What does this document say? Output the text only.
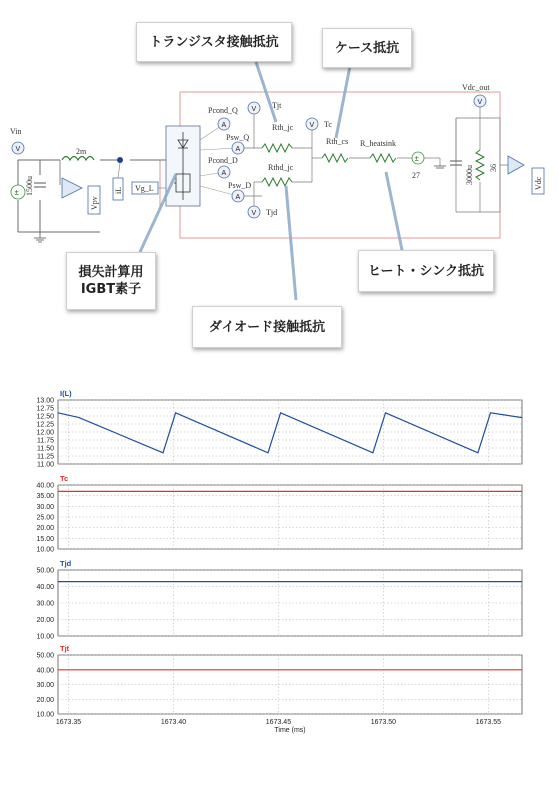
Vin
V
± 1500u
Vpv
2m
iL Vg_L
Pcond_Q
A
V Tjt
Psw_Q
A
Pcond_D
A
Psw_D
A
Rth_jc
Rthd_jc
Rth_cs R_heatsink
V Tc
V Tjd
±
27
Vdc_out
V
3000u 36
Vdc
トランジスタ接触抵抗	ケース抵抗
損失計算用
IGBT素子
ヒート・シンク抵抗
ダイオード接触抵抗
I(L)
13.00
12.75
12.50
12.25
12.00
11.75
11.50
11.25
11.00
Tc
40.00
35.00
30.00
25.00
20.00
15.00
10.00
Tjd
50.00
40.00
30.00
20.00
10.00
Tjt
50.00
40.00
30.00
20.00
10.00
1673.35	1673.40	1673.45	1673.50	1673.55
Time (ms)
